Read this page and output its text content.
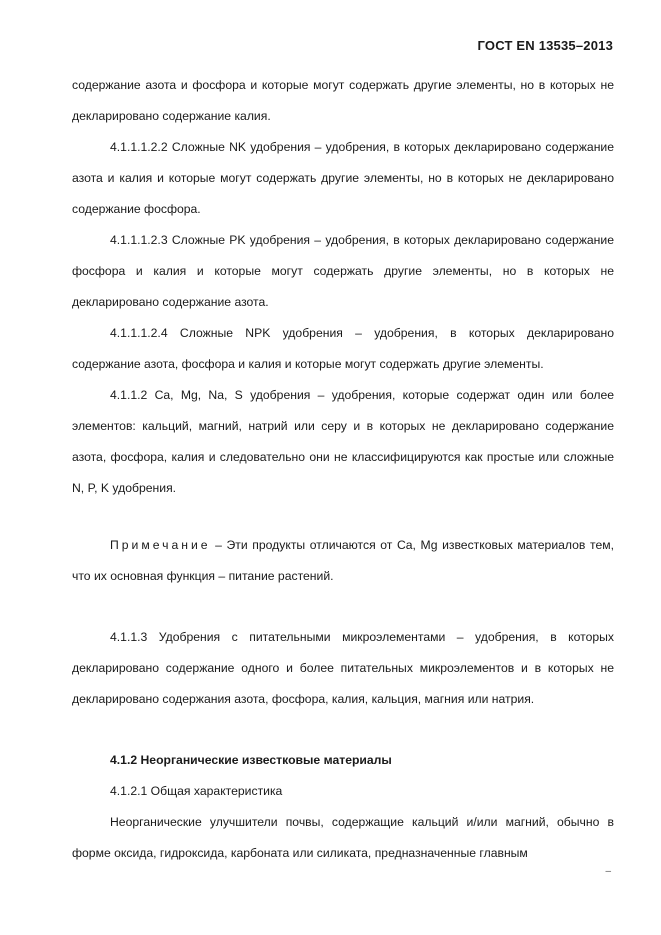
ГОСТ EN 13535–2013

содержание азота и фосфора и которые могут содержать другие элементы, но в которых не декларировано содержание калия.

4.1.1.1.2.2 Сложные NK удобрения – удобрения, в которых декларировано содержание азота и калия и которые могут содержать другие элементы, но в которых не декларировано содержание фосфора.

4.1.1.1.2.3 Сложные PK удобрения – удобрения, в которых декларировано содержание фосфора и калия и которые могут содержать другие элементы, но в которых не декларировано содержание азота.

4.1.1.1.2.4 Сложные NPK удобрения – удобрения, в которых декларировано содержание азота, фосфора и калия и которые могут содержать другие элементы.

4.1.1.2 Ca, Mg, Na, S удобрения – удобрения, которые содержат один или более элементов: кальций, магний, натрий или серу и в которых не декларировано содержание азота, фосфора, калия и следовательно они не классифицируются как простые или сложные N, P, K удобрения.

Примечание – Эти продукты отличаются от Ca, Mg известковых материалов тем, что их основная функция – питание растений.

4.1.1.3 Удобрения с питательными микроэлементами – удобрения, в которых декларировано содержание одного и более питательных микроэлементов и в которых не декларировано содержания азота, фосфора, калия, кальция, магния или натрия.

4.1.2 Неорганические известковые материалы

4.1.2.1 Общая характеристика

Неорганические улучшители почвы, содержащие кальций и/или магний, обычно в форме оксида, гидроксида, карбоната или силиката, предназначенные главным

–
